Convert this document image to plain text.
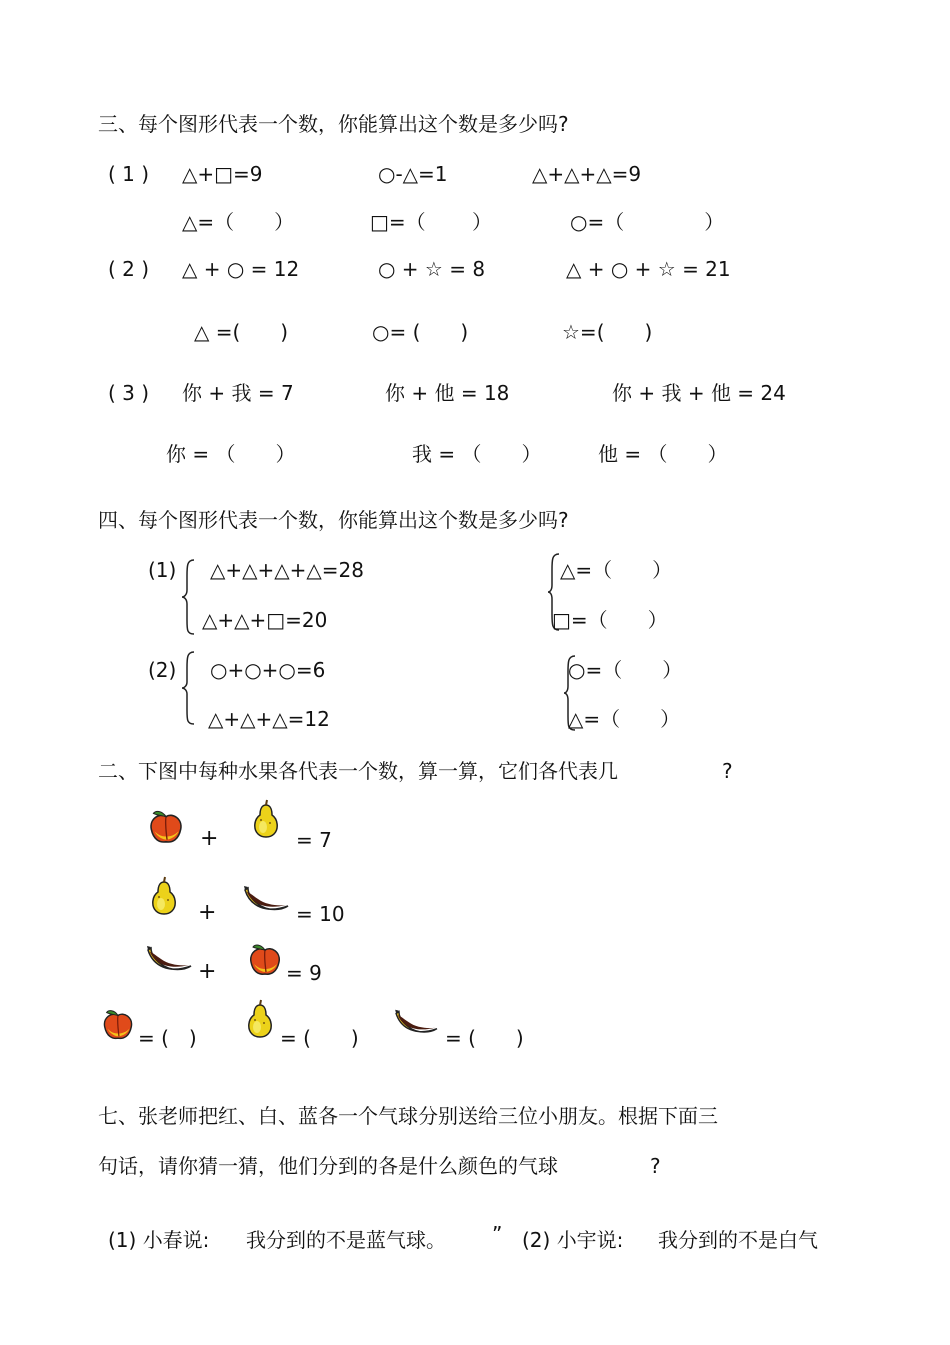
三、每个图形代表一个数，你能算出这个数是多少吗?
( 1 ) △+□=9	○-△=1	△+△+△=9
△=（　　）	□=（　　 ）	○=（　　　　）
( 2 ) △ + ○ = 12	○ + ☆ = 8	△ + ○ + ☆ = 21
△ =(　　)	○= (　　)	☆=(　　)
( 3 ) 你 + 我 = 7	你 + 他 = 18	你 + 我 + 他 = 24
你 = （　　）	我 = （　　）	他 = （　　）
四、每个图形代表一个数，你能算出这个数是多少吗?
(1) △+△+△+△=28
△+△+□=20
△=（　　）
□=（　　）
(2) ○+○+○=6
△+△+△=12
○=（　　）
△=（　　）
二、下图中每种水果各代表一个数，算一算，它们各代表几	?
+	= 7
+	= 10
+	= 9
= (　)	= (　　)	= (　　)
七、张老师把红、白、蓝各一个气球分别送给三位小朋友。根据下面三
句话，请你猜一猜，他们分到的各是什么颜色的气球	?
(1) 小春说: 我分到的不是蓝气球。 ” (2) 小宇说: 我分到的不是白气
